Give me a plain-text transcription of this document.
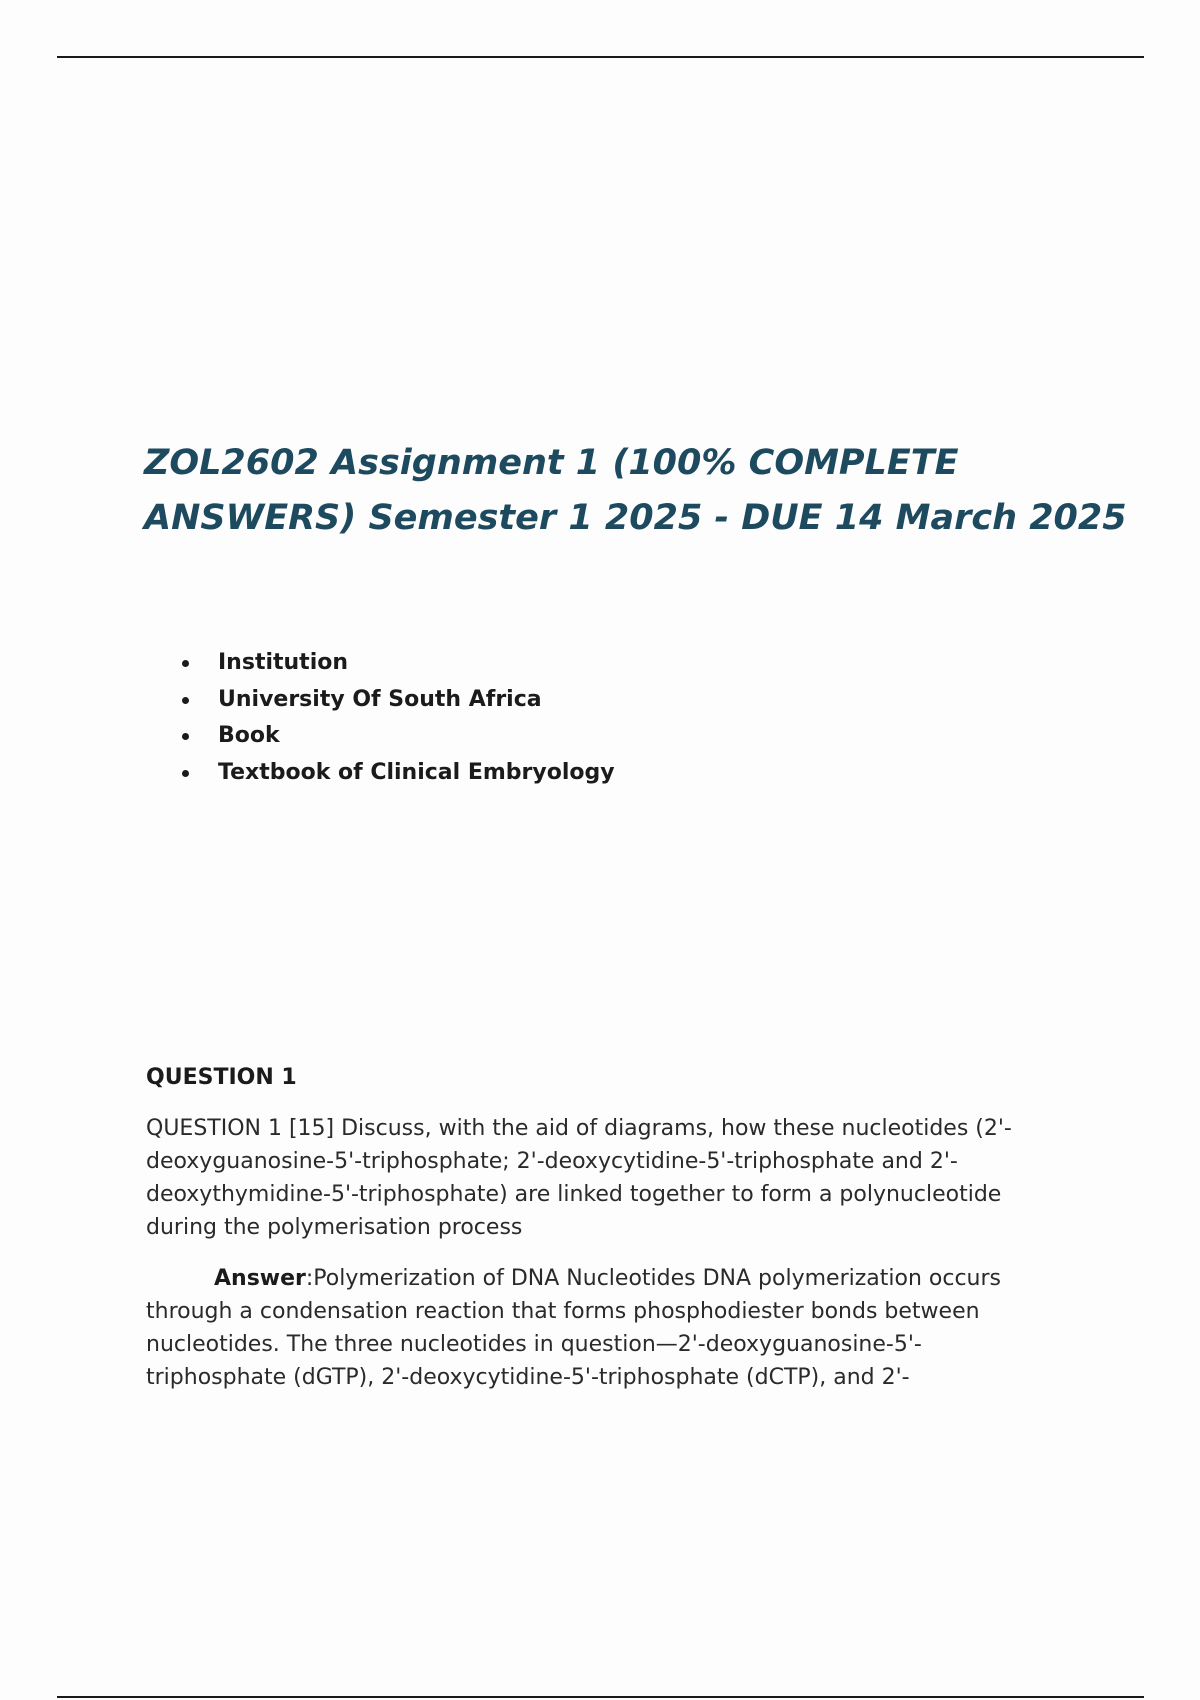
ZOL2602 Assignment 1 (100% COMPLETE
ANSWERS) Semester 1 2025 - DUE 14 March 2025
Institution
University Of South Africa
Book
Textbook of Clinical Embryology
QUESTION 1

QUESTION 1 [15] Discuss, with the aid of diagrams, how these nucleotides (2'-
deoxyguanosine-5'-triphosphate; 2'-deoxycytidine-5'-triphosphate and 2'-
deoxythymidine-5'-triphosphate) are linked together to form a polynucleotide
during the polymerisation process

Answer:Polymerization of DNA Nucleotides DNA polymerization occurs
through a condensation reaction that forms phosphodiester bonds between
nucleotides. The three nucleotides in question—2'-deoxyguanosine-5'-
triphosphate (dGTP), 2'-deoxycytidine-5'-triphosphate (dCTP), and 2'-
